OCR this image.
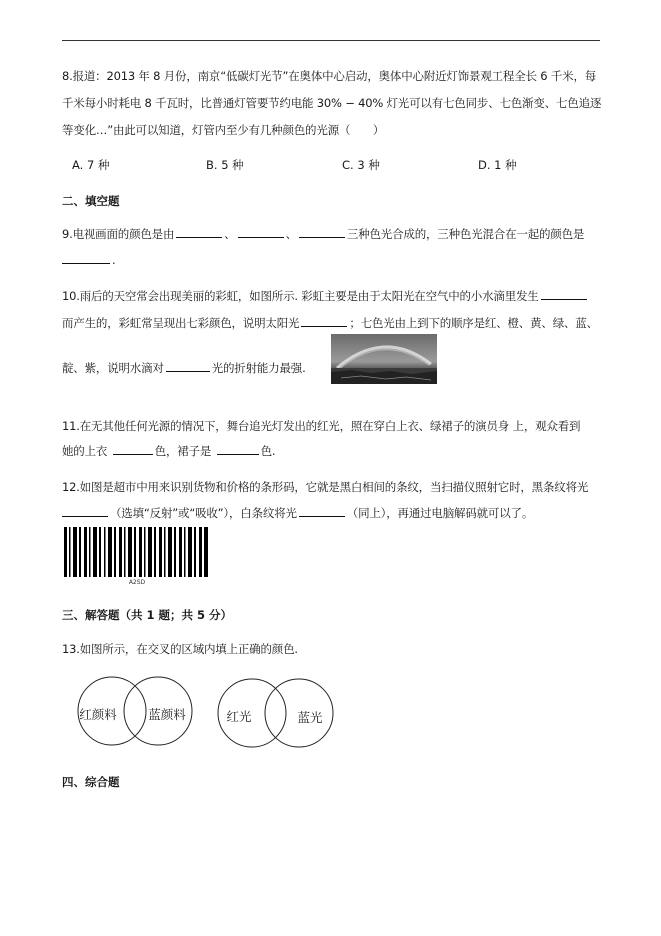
8.报道：2013 年 8 月份，南京“低碳灯光节”在奥体中心启动，奥体中心附近灯饰景观工程全长 6 千米，每
千米每小时耗电 8 千瓦时，比普通灯管要节约电能 30% − 40% 灯光可以有七色同步、七色渐变、七色追逐
等变化…”由此可以知道，灯管内至少有几种颜色的光源（　　）
A. 7 种	B. 5 种	C. 3 种	D. 1 种
二、填空题
9.电视画面的颜色是由	、	、	三种色光合成的，三种色光混合在一起的颜色是
.
10.雨后的天空常会出现美丽的彩虹，如图所示. 彩虹主要是由于太阳光在空气中的小水滴里发生
而产生的，彩虹常呈现出七彩颜色，说明太阳光	；七色光由上到下的顺序是红、橙、黄、绿、蓝、
靛、紫，说明水滴对	光的折射能力最强.
11.在无其他任何光源的情况下，舞台追光灯发出的红光，照在穿白上衣、绿裙子的演员身 上，观众看到
她的上衣	色，裙子是	色.
12.如图是超市中用来识别货物和价格的条形码，它就是黑白相间的条纹，当扫描仪照射它时，黑条纹将光
（选填“反射”或“吸收”），白条纹将光	（同上），再通过电脑解码就可以了。
A2SD
三、解答题（共 1 题；共 5 分）
13.如图所示，在交叉的区域内填上正确的颜色.
红颜料	蓝颜料	红光	蓝光
四、综合题
